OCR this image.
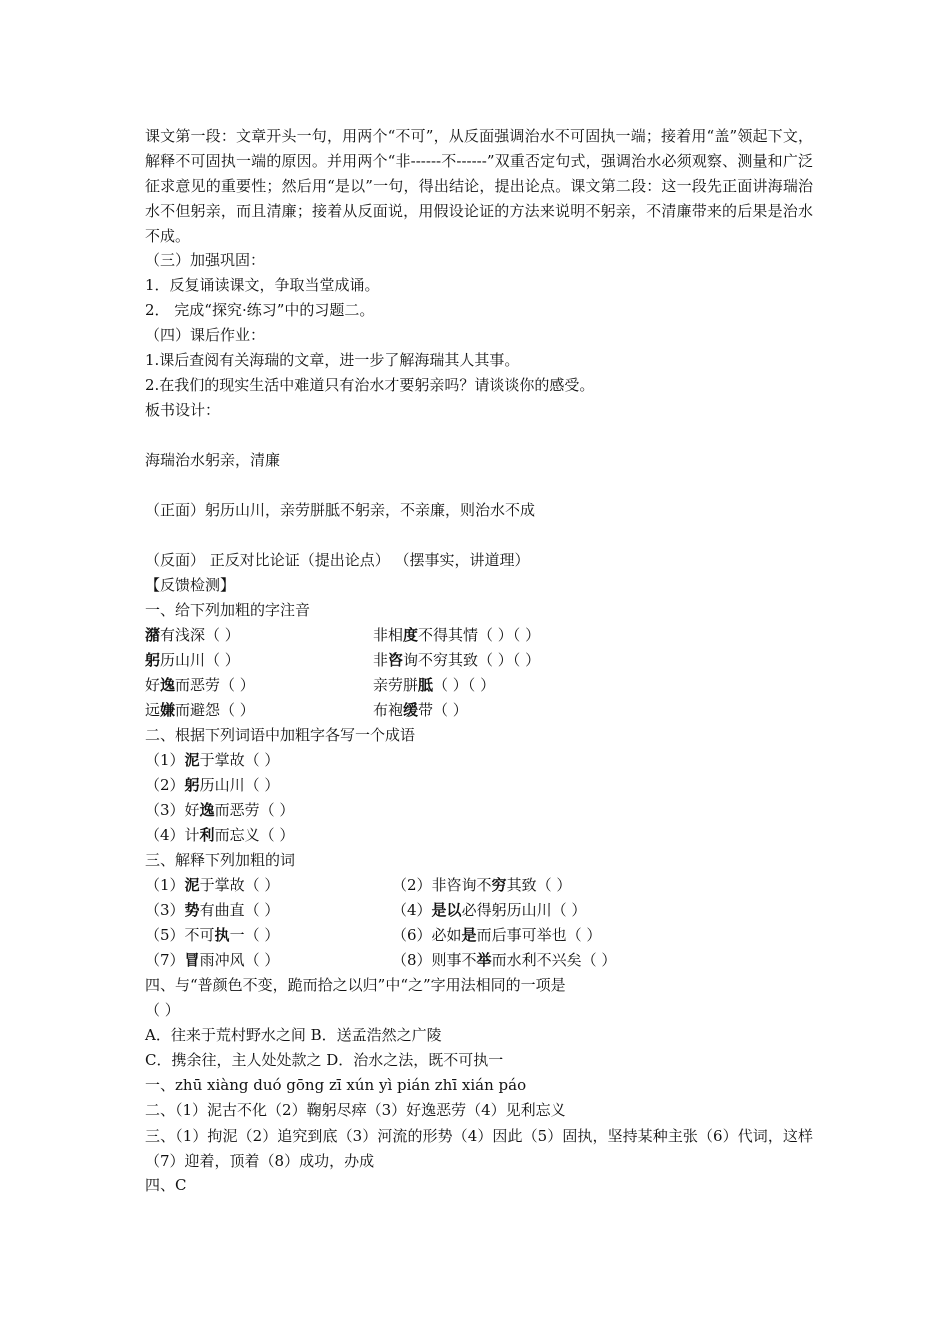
课文第一段：文章开头一句，用两个“不可”，从反面强调治水不可固执一端；接着用“盖”领起下文，解释不可固执一端的原因。并用两个“非------不------”双重否定句式，强调治水必须观察、测量和广泛征求意见的重要性；然后用“是以”一句，得出结论，提出论点。课文第二段：这一段先正面讲海瑞治水不但躬亲，而且清廉；接着从反面说，用假设论证的方法来说明不躬亲，不清廉带来的后果是治水不成。
（三）加强巩固：
1．反复诵读课文，争取当堂成诵。
2． 完成“探究·练习”中的习题二。
（四）课后作业：
1.课后查阅有关海瑞的文章，进一步了解海瑞其人其事。
2.在我们的现实生活中难道只有治水才要躬亲吗？请谈谈你的感受。
板书设计：
海瑞治水躬亲，清廉
（正面）躬历山川，亲劳胼胝不躬亲，不亲廉，则治水不成
（反面） 正反对比论证（提出论点） （摆事实，讲道理）
【反馈检测】
一、给下列加粗的字注音
潴有浅深（ ）
躬历山川（ ）
好逸而恶劳（ ）
远嫌而避怨（ ）
非相度不得其情（ ）（ ）
非咨询不穷其致（ ）（ ）
亲劳胼胝（ ）（ ）
布袍缓带（ ）
二、根据下列词语中加粗字各写一个成语
（1）泥于掌故（ ）
（2）躬历山川（ ）
（3）好逸而恶劳（ ）
（4）计利而忘义（ ）
三、解释下列加粗的词
（1）泥于掌故（ ）
（3）势有曲直（ ）
（5）不可执一（ ）
（7）冒雨冲风（ ）
（2）非咨询不穷其致（ ）
（4）是以必得躬历山川（ ）
（6）必如是而后事可举也（ ）
（8）则事不举而水利不兴矣（ ）
四、与“普颜色不变，跪而拾之以归”中“之”字用法相同的一项是
（ ）
A．往来于荒村野水之间 B．送孟浩然之广陵
C．携余往，主人处处款之 D．治水之法，既不可执一
一、zhū xiàng duó gōng zī xún yì pián zhī xián páo
二、（1）泥古不化（2）鞠躬尽瘁（3）好逸恶劳（4）见利忘义
三、（1）拘泥（2）追究到底（3）河流的形势（4）因此（5）固执，坚持某种主张（6）代词，这样（7）迎着，顶着（8）成功，办成
四、C
